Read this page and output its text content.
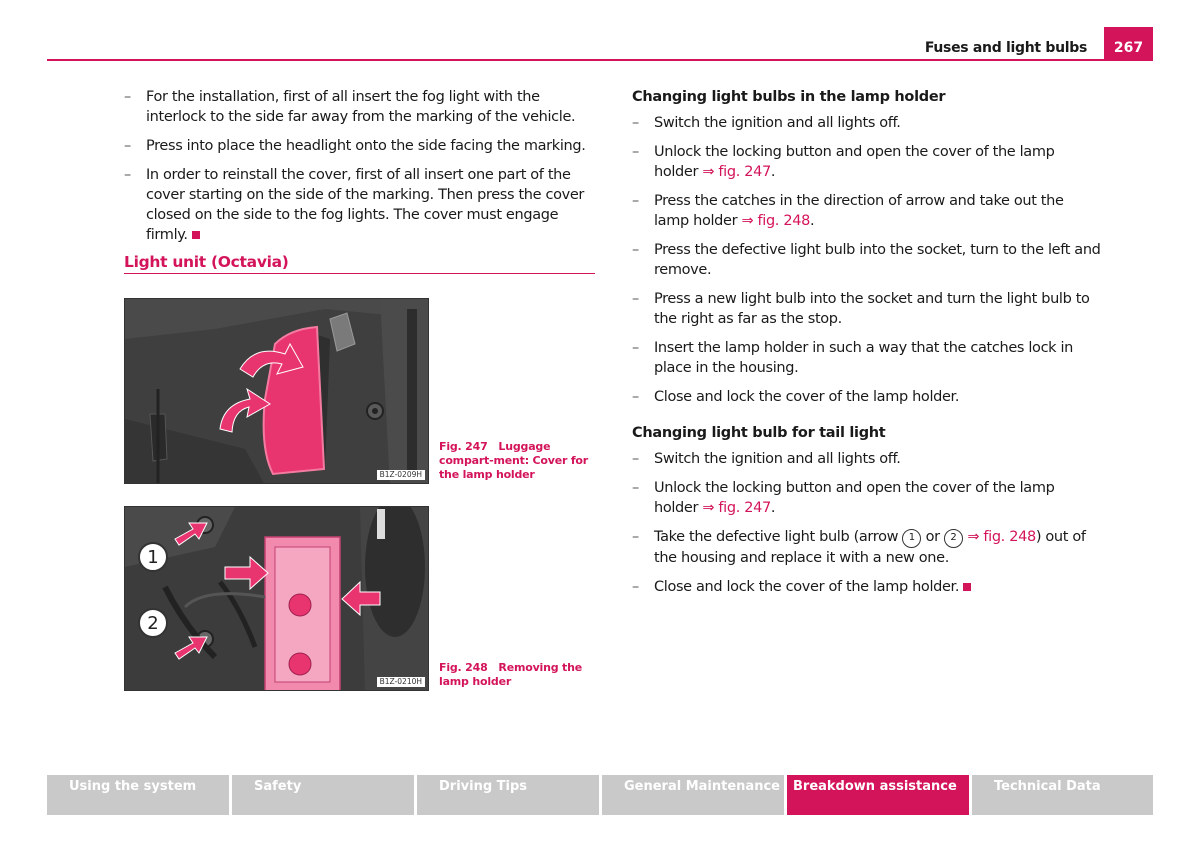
Fuses and light bulbs	267
– For the installation, first of all insert the fog light with the interlock to the side far away from the marking of the vehicle.
– Press into place the headlight onto the side facing the marking.
– In order to reinstall the cover, first of all insert one part of the cover starting on the side of the marking. Then press the cover closed on the side to the fog lights. The cover must engage firmly.
Light unit (Octavia)
B1Z-0209H
Fig. 247 Luggage compart-ment: Cover for the lamp holder
1
2
B1Z-0210H
Fig. 248 Removing the lamp holder
Changing light bulbs in the lamp holder
– Switch the ignition and all lights off.
– Unlock the locking button and open the cover of the lamp holder ⇒ fig. 247.
– Press the catches in the direction of arrow and take out the lamp holder ⇒ fig. 248.
– Press the defective light bulb into the socket, turn to the left and remove.
– Press a new light bulb into the socket and turn the light bulb to the right as far as the stop.
– Insert the lamp holder in such a way that the catches lock in place in the housing.
– Close and lock the cover of the lamp holder.
Changing light bulb for tail light
– Switch the ignition and all lights off.
– Unlock the locking button and open the cover of the lamp holder ⇒ fig. 247.
– Take the defective light bulb (arrow 1 or 2 ⇒ fig. 248) out of the housing and replace it with a new one.
– Close and lock the cover of the lamp holder.
Using the system	Safety	Driving Tips	General Maintenance	Breakdown assistance	Technical Data
